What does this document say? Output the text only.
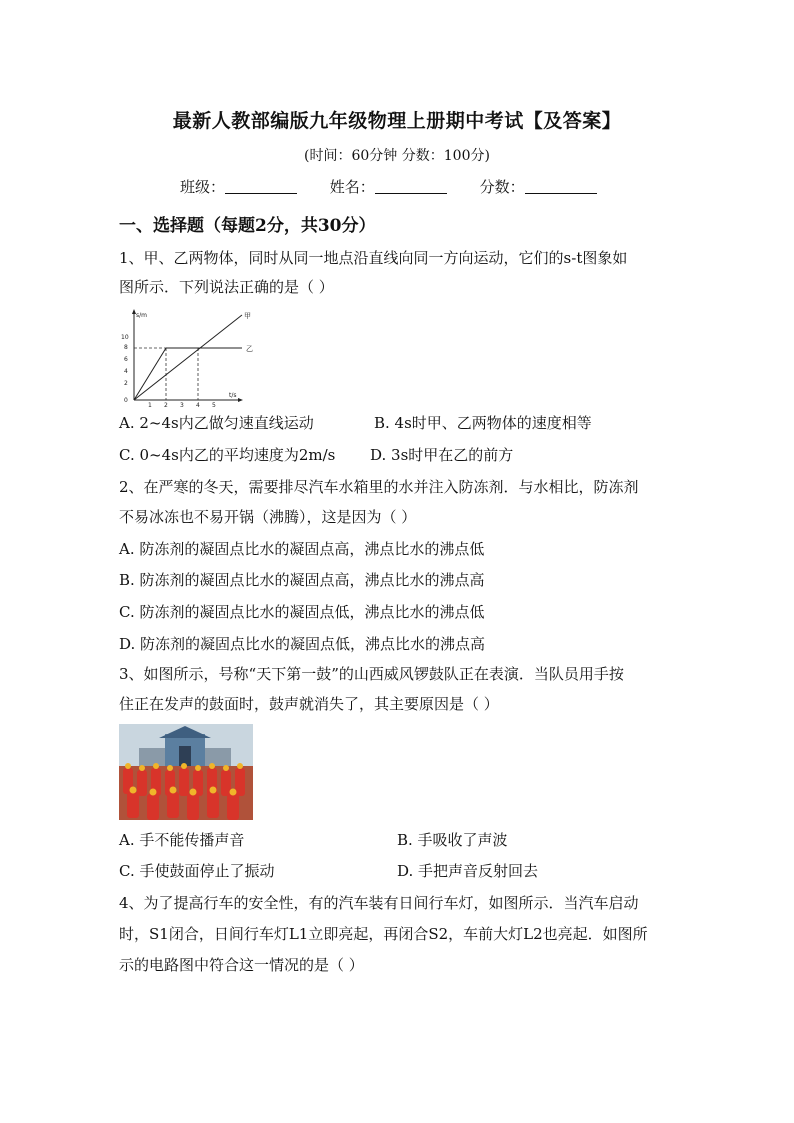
最新人教部编版九年级物理上册期中考试【及答案】
(时间：60分钟 分数：100分)
班级：	姓名：	分数：
一、选择题（每题2分，共30分）
1、甲、乙两物体，同时从同一地点沿直线向同一方向运动，它们的s-t图象如
图所示．下列说法正确的是（ ）
s/m
t/s
10
8
6
4
2
0
1 2 3 4 5
甲
乙
A. 2~4s内乙做匀速直线运动	B. 4s时甲、乙两物体的速度相等
C. 0~4s内乙的平均速度为2m/s D. 3s时甲在乙的前方
2、在严寒的冬天，需要排尽汽车水箱里的水并注入防冻剂．与水相比，防冻剂
不易冰冻也不易开锅（沸腾），这是因为（ ）
A. 防冻剂的凝固点比水的凝固点高，沸点比水的沸点低
B. 防冻剂的凝固点比水的凝固点高，沸点比水的沸点高
C. 防冻剂的凝固点比水的凝固点低，沸点比水的沸点低
D. 防冻剂的凝固点比水的凝固点低，沸点比水的沸点高
3、如图所示，号称“天下第一鼓”的山西威风锣鼓队正在表演．当队员用手按
住正在发声的鼓面时，鼓声就消失了，其主要原因是（ ）
A. 手不能传播声音	B. 手吸收了声波
C. 手使鼓面停止了振动	D. 手把声音反射回去
4、为了提高行车的安全性，有的汽车装有日间行车灯，如图所示．当汽车启动
时，S1闭合，日间行车灯L1立即亮起，再闭合S2，车前大灯L2也亮起．如图所
示的电路图中符合这一情况的是（ ）
